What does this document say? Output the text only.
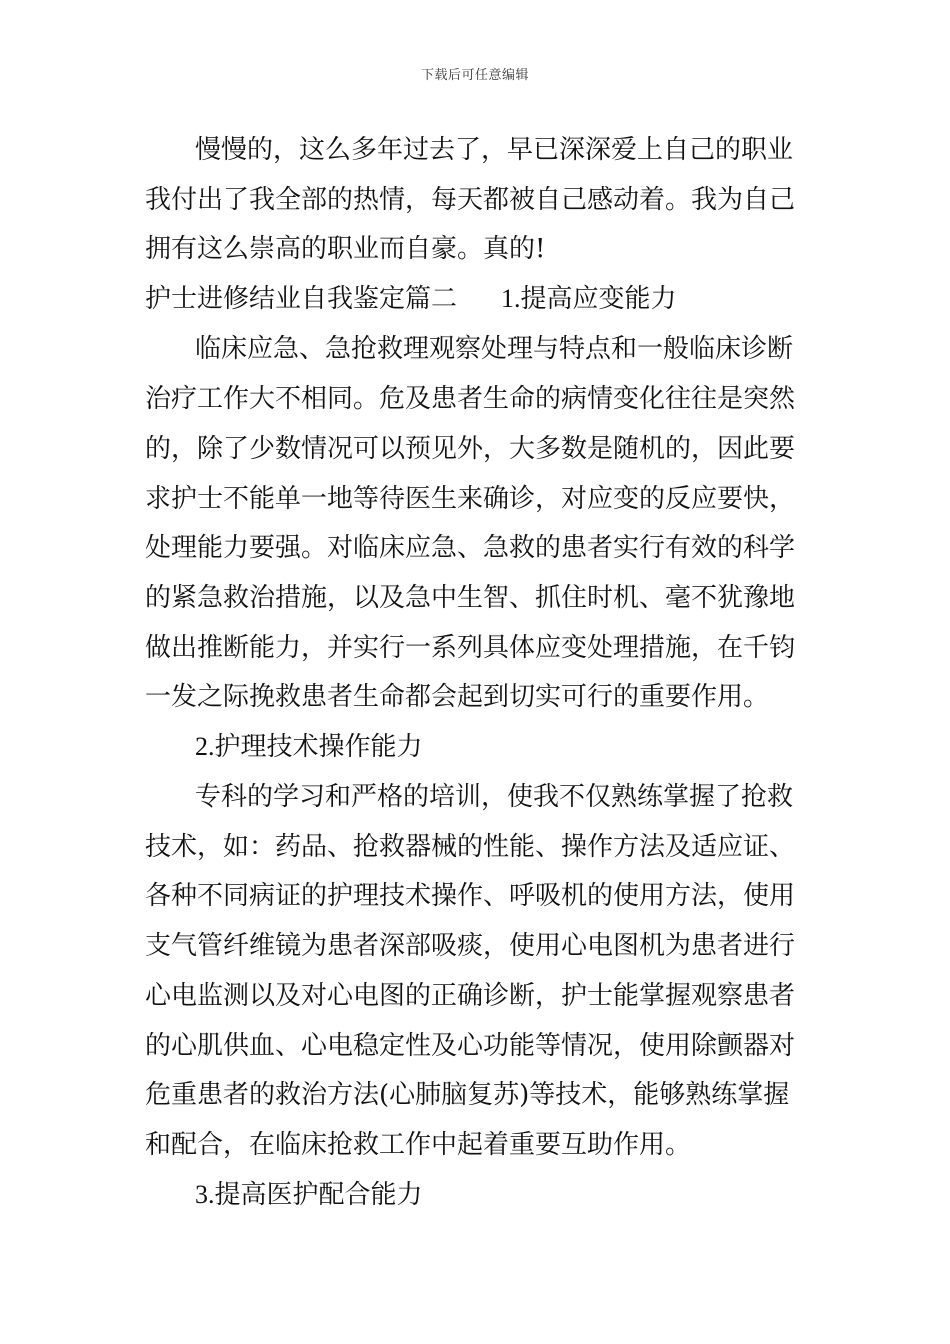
下载后可任意编辑
慢慢的，这么多年过去了，早已深深爱上自己的职业
我付出了我全部的热情，每天都被自己感动着。我为自己
拥有这么崇高的职业而自豪。真的!
护士进修结业自我鉴定篇二 1.提高应变能力
临床应急、急抢救理观察处理与特点和一般临床诊断
治疗工作大不相同。危及患者生命的病情变化往往是突然
的，除了少数情况可以预见外，大多数是随机的，因此要
求护士不能单一地等待医生来确诊，对应变的反应要快，
处理能力要强。对临床应急、急救的患者实行有效的科学
的紧急救治措施，以及急中生智、抓住时机、毫不犹豫地
做出推断能力，并实行一系列具体应变处理措施，在千钧
一发之际挽救患者生命都会起到切实可行的重要作用。
2.护理技术操作能力
专科的学习和严格的培训，使我不仅熟练掌握了抢救
技术，如：药品、抢救器械的性能、操作方法及适应证、
各种不同病证的护理技术操作、呼吸机的使用方法，使用
支气管纤维镜为患者深部吸痰，使用心电图机为患者进行
心电监测以及对心电图的正确诊断，护士能掌握观察患者
的心肌供血、心电稳定性及心功能等情况，使用除颤器对
危重患者的救治方法(心肺脑复苏)等技术，能够熟练掌握
和配合，在临床抢救工作中起着重要互助作用。
3.提高医护配合能力
